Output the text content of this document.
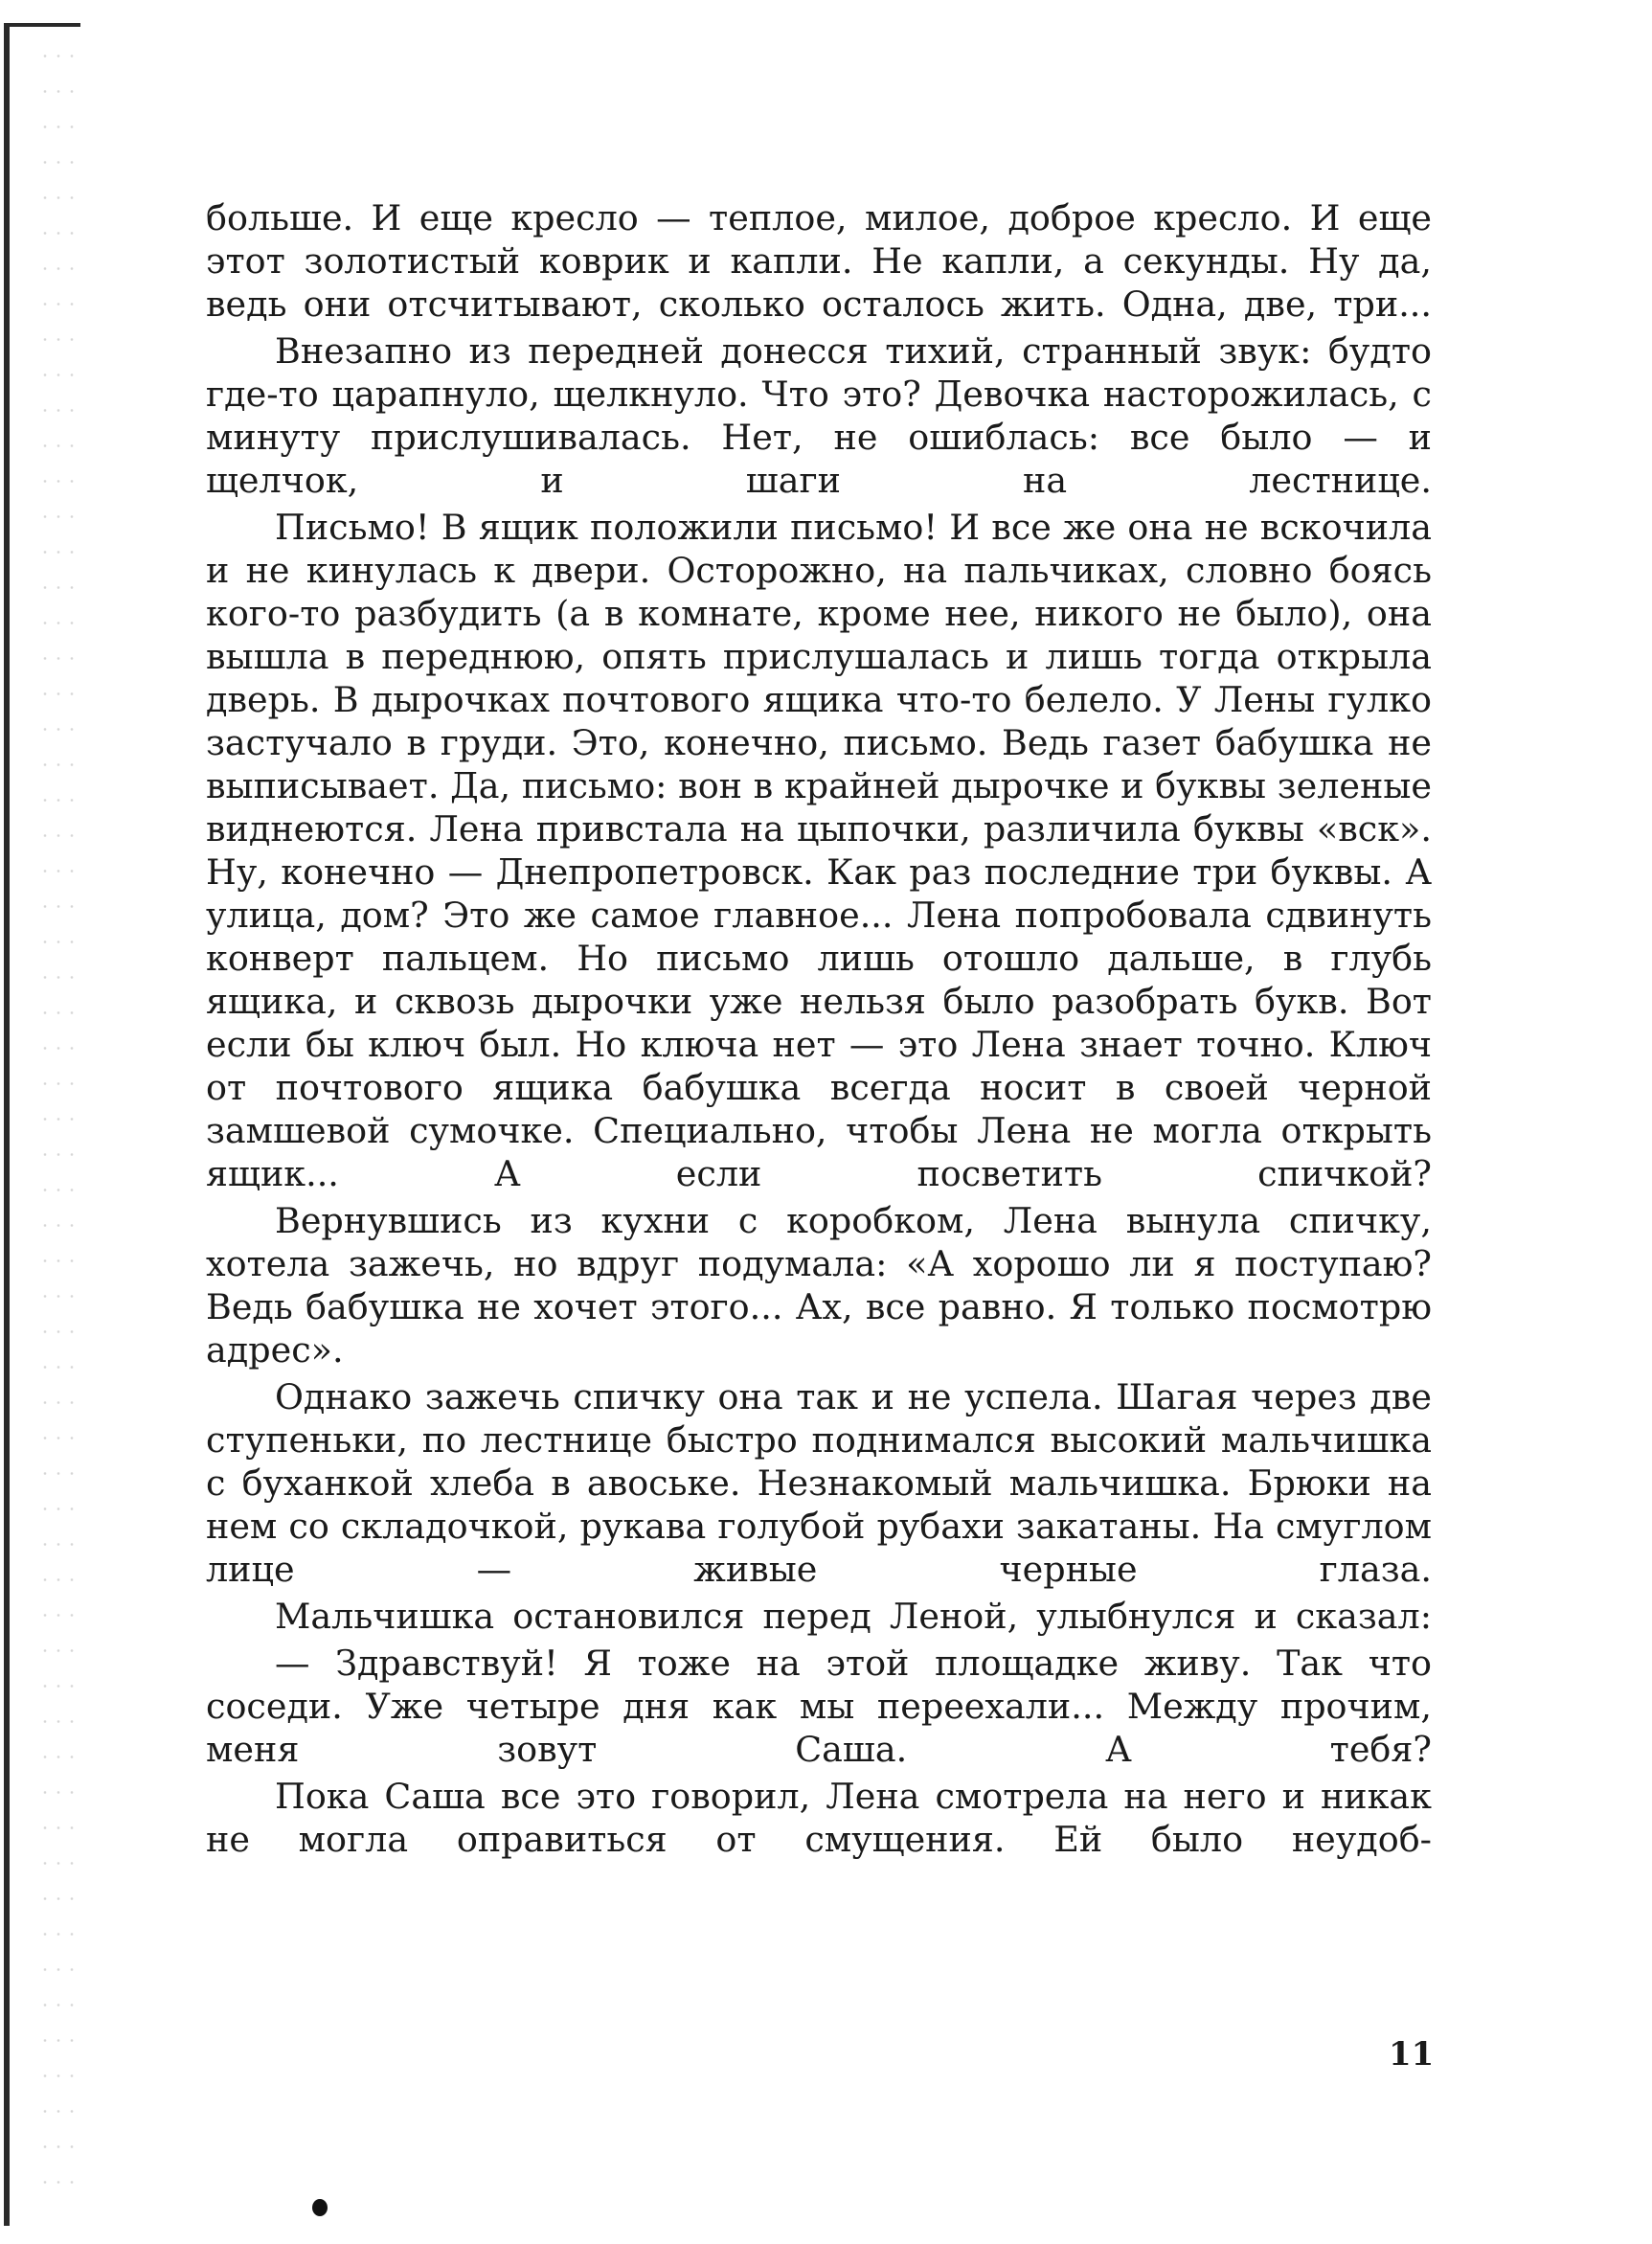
больше. И еще кресло — теплое, милое, доброе кресло. И еще этот золотистый коврик и капли. Не капли, а секунды. Ну да, ведь они отсчитывают, сколько осталось жить. Одна, две, три...

Внезапно из передней донесся тихий, странный звук: будто где-то царапнуло, щелкнуло. Что это? Девочка насторожилась, с минуту прислушивалась. Нет, не ошиблась: все было — и щелчок, и шаги на лестнице.

Письмо! В ящик положили письмо! И все же она не вскочила и не кинулась к двери. Осторожно, на пальчиках, словно боясь кого-то разбудить (а в комнате, кроме нее, никого не было), она вышла в переднюю, опять прислушалась и лишь тогда открыла дверь. В дырочках почтового ящика что-то белело. У Лены гулко застучало в груди. Это, конечно, письмо. Ведь газет бабушка не выписывает. Да, письмо: вон в крайней дырочке и буквы зеленые виднеются. Лена привстала на цыпочки, различила буквы «вск». Ну, конечно — Днепропетровск. Как раз последние три буквы. А улица, дом? Это же самое главное... Лена попробовала сдвинуть конверт пальцем. Но письмо лишь отошло дальше, в глубь ящика, и сквозь дырочки уже нельзя было разобрать букв. Вот если бы ключ был. Но ключа нет — это Лена знает точно. Ключ от почтового ящика бабушка всегда носит в своей черной замшевой сумочке. Специально, чтобы Лена не могла открыть ящик... А если посветить спичкой?

Вернувшись из кухни с коробком, Лена вынула спичку, хотела зажечь, но вдруг подумала: «А хорошо ли я поступаю? Ведь бабушка не хочет этого... Ах, все равно. Я только посмотрю адрес».

Однако зажечь спичку она так и не успела. Шагая через две ступеньки, по лестнице быстро поднимался высокий мальчишка с буханкой хлеба в авоське. Незнакомый мальчишка. Брюки на нем со складочкой, рукава голубой рубахи закатаны. На смуглом лице — живые черные глаза.

Мальчишка остановился перед Леной, улыбнулся и сказал:

— Здравствуй! Я тоже на этой площадке живу. Так что соседи. Уже четыре дня как мы переехали... Между прочим, меня зовут Саша. А тебя?

Пока Саша все это говорил, Лена смотрела на него и никак не могла оправиться от смущения. Ей было неудоб-

11
